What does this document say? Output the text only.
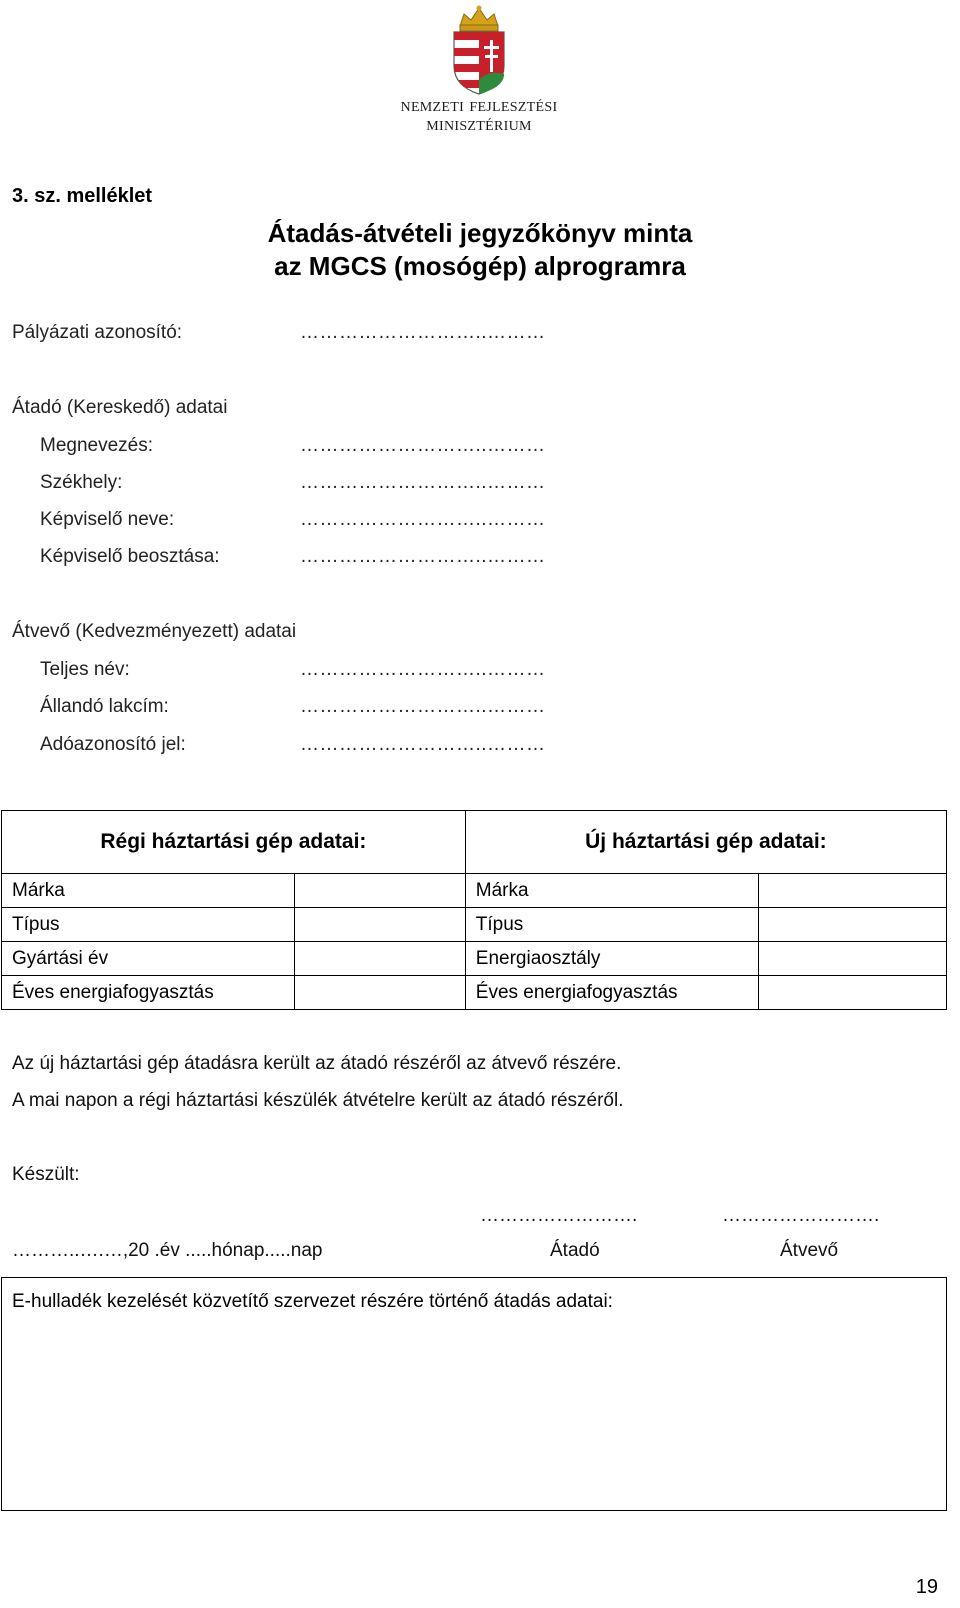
nemzeti fejlesztési
minisztérium
3. sz. melléklet
Átadás-átvételi jegyzőkönyv minta
az MGCS (mosógép) alprogramra
Pályázati azonosító:	………………………..………
Átadó (Kereskedő) adatai
Megnevezés:	………………………..………
Székhely:	………………………..………
Képviselő neve:	………………………..………
Képviselő beosztása:	………………………..………
Átvevő (Kedvezményezett) adatai
Teljes név:	………………………..………
Állandó lakcím:	………………………..………
Adóazonosító jel:	………………………..………
Régi háztartási gép adatai:		Új háztartási gép adatai:	
Márka		Márka	
Típus		Típus	
Gyártási év		Energiaosztály	
Éves energiafogyasztás		Éves energiafogyasztás	
Az új háztartási gép átadásra került az átadó részéről az átvevő részére.
A mai napon a régi háztartási készülék átvételre került az átadó részéről.
Készült:
…………………….	…………………….
………..….…,20 .év .....hónap.....nap	Átadó	Átvevő
E-hulladék kezelését közvetítő szervezet részére történő átadás adatai:
19
